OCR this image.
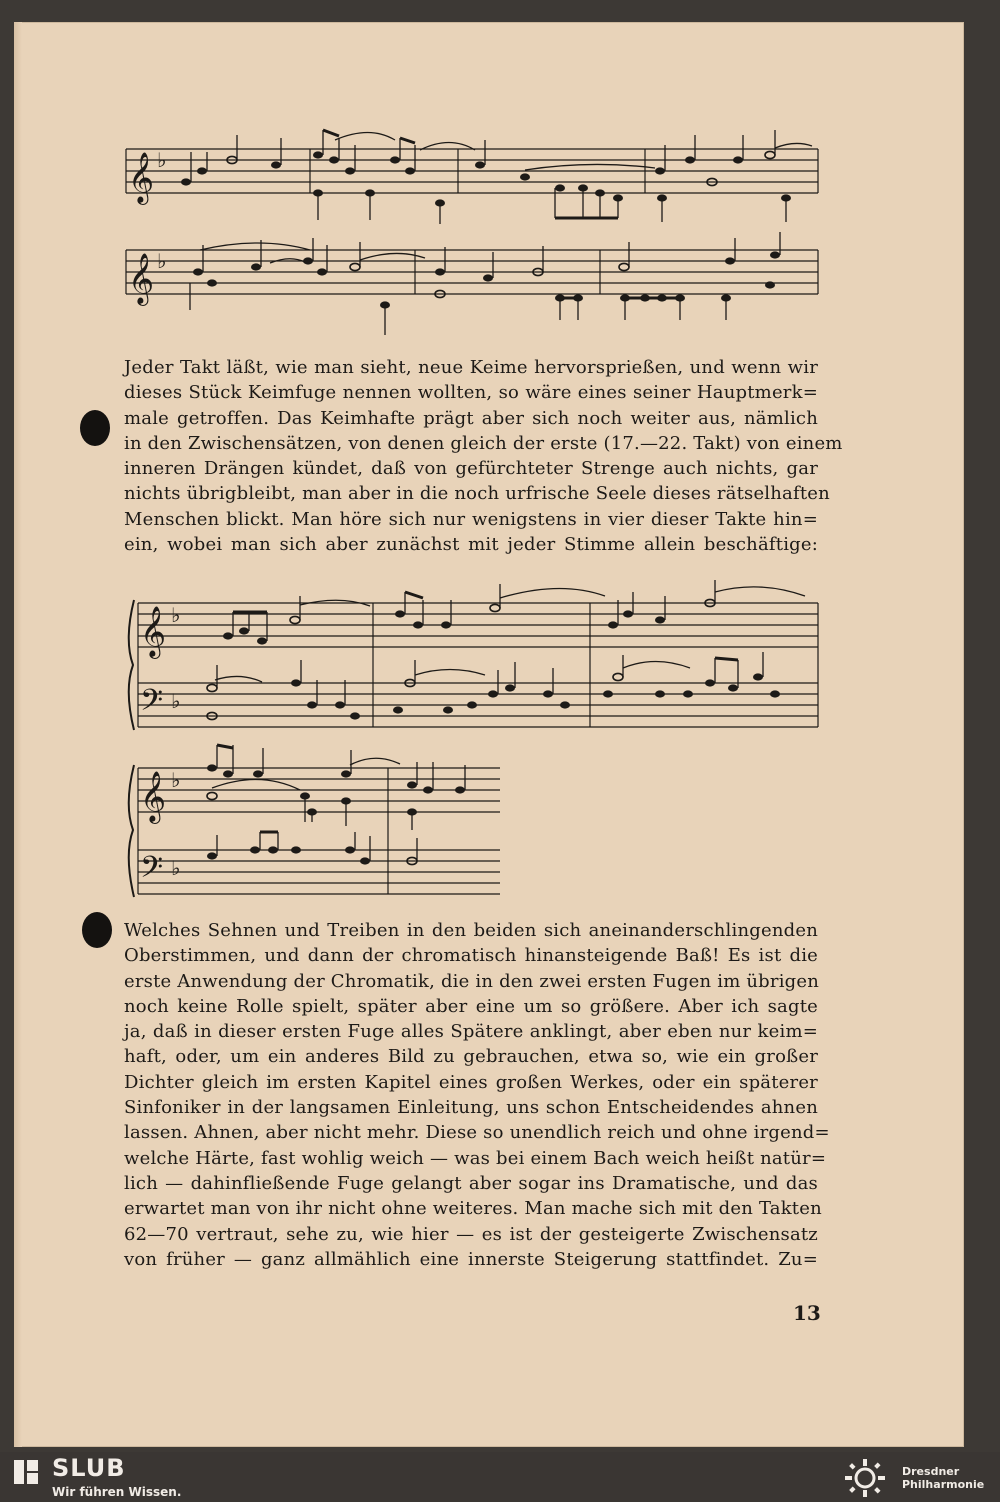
𝄞 ♭
𝄞 ♭
𝄞
𝄢
♭
♭
𝄞
𝄢
♭
♭
Jeder Takt läßt, wie man sieht, neue Keime hervorsprießen, und wenn wir
dieses Stück Keimfuge nennen wollten, so wäre eines seiner Hauptmerk=
male getroffen. Das Keimhafte prägt aber sich noch weiter aus, nämlich
in den Zwischensätzen, von denen gleich der erste (17.—22. Takt) von einem
inneren Drängen kündet, daß von gefürchteter Strenge auch nichts, gar
nichts übrigbleibt, man aber in die noch urfrische Seele dieses rätselhaften
Menschen blickt. Man höre sich nur wenigstens in vier dieser Takte hin=
ein, wobei man sich aber zunächst mit jeder Stimme allein beschäftige:
Welches Sehnen und Treiben in den beiden sich aneinanderschlingenden
Oberstimmen, und dann der chromatisch hinansteigende Baß! Es ist die
erste Anwendung der Chromatik, die in den zwei ersten Fugen im übrigen
noch keine Rolle spielt, später aber eine um so größere. Aber ich sagte
ja, daß in dieser ersten Fuge alles Spätere anklingt, aber eben nur keim=
haft, oder, um ein anderes Bild zu gebrauchen, etwa so, wie ein großer
Dichter gleich im ersten Kapitel eines großen Werkes, oder ein späterer
Sinfoniker in der langsamen Einleitung, uns schon Entscheidendes ahnen
lassen. Ahnen, aber nicht mehr. Diese so unendlich reich und ohne irgend=
welche Härte, fast wohlig weich — was bei einem Bach weich heißt natür=
lich — dahinfließende Fuge gelangt aber sogar ins Dramatische, und das
erwartet man von ihr nicht ohne weiteres. Man mache sich mit den Takten
62—70 vertraut, sehe zu, wie hier — es ist der gesteigerte Zwischensatz
von früher — ganz allmählich eine innerste Steigerung stattfindet. Zu=
13
SLUB
Wir führen Wissen.
Dresdner
Philharmonie
